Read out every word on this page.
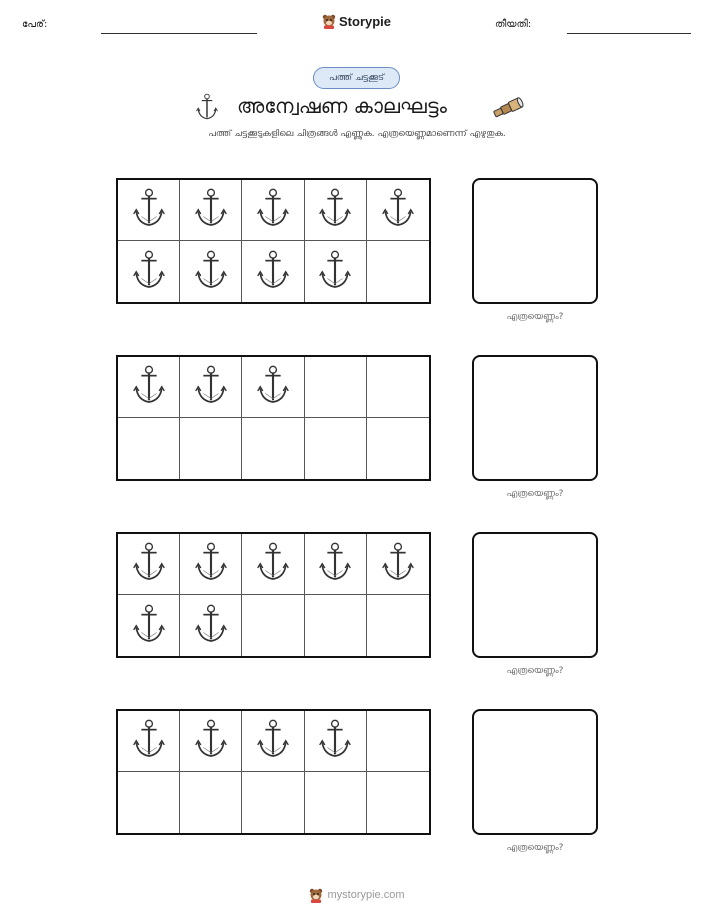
പേര്:	Storypie	തീയതി:
പത്ത് ചട്ടക്കൂട്
അന്വേഷണ കാലഘട്ടം
പത്ത് ചട്ടക്കൂടുകളിലെ ചിത്രങ്ങൾ എണ്ണുക. എത്രയെണ്ണമാണെന്ന് എഴുതുക.
എത്രയെണ്ണം?
എത്രയെണ്ണം?
എത്രയെണ്ണം?
എത്രയെണ്ണം?
mystorypie.com
